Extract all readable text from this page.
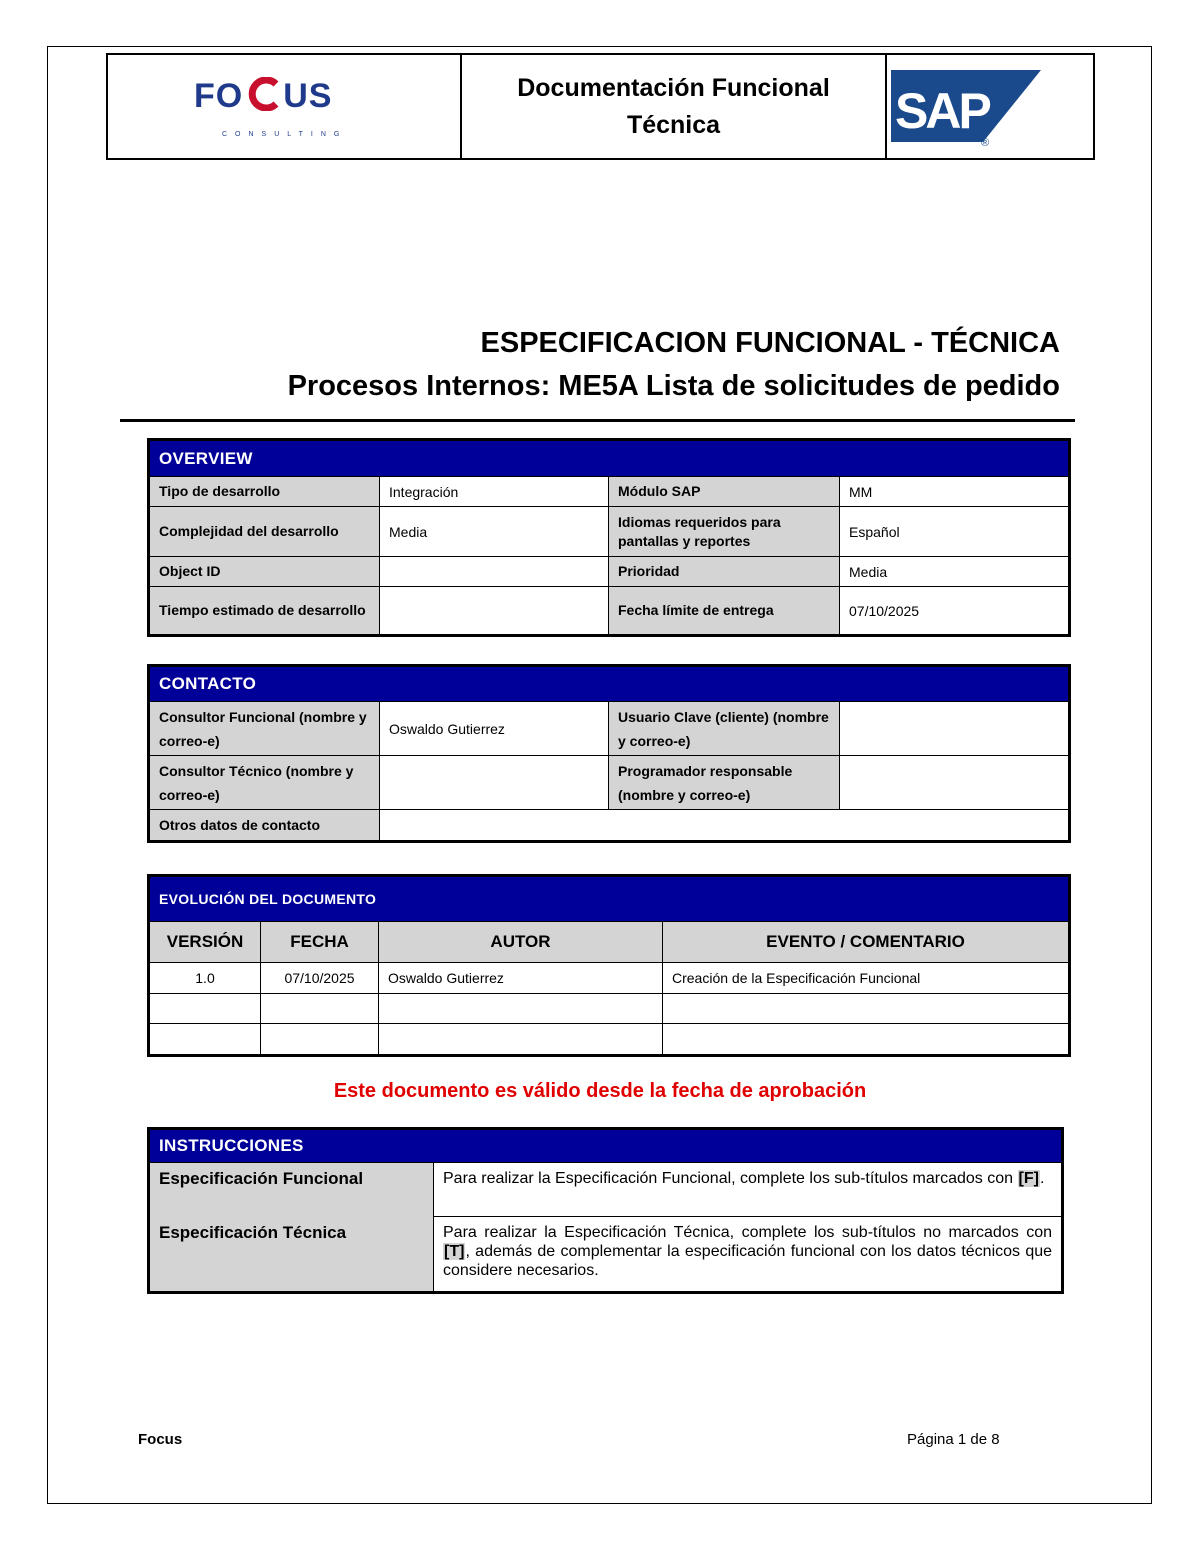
FO US
CONSULTING
Documentación Funcional
Técnica	SAP
®
ESPECIFICACION FUNCIONAL - TÉCNICA
Procesos Internos: ME5A Lista de solicitudes de pedido
OVERVIEW			
Tipo de desarrollo	Integración	Módulo SAP	MM
Complejidad del desarrollo	Media	Idiomas requeridos para pantallas y reportes	Español
Object ID		Prioridad	Media
Tiempo estimado de desarrollo		Fecha límite de entrega	07/10/2025
CONTACTO			
Consultor Funcional (nombre y correo-e)	Oswaldo Gutierrez	Usuario Clave (cliente) (nombre y correo-e)	
Consultor Técnico (nombre y correo-e)		Programador responsable (nombre y correo-e)	
Otros datos de contacto			
EVOLUCIÓN DEL DOCUMENTO			
VERSIÓN	FECHA	AUTOR	EVENTO / COMENTARIO
1.0	07/10/2025	Oswaldo Gutierrez	Creación de la Especificación Funcional

Este documento es válido desde la fecha de aprobación
INSTRUCCIONES	
Especificación Funcional	Para realizar la Especificación Funcional, complete los sub-títulos marcados con [F].
Especificación Técnica	Para realizar la Especificación Técnica, complete los sub-títulos no marcados con [T], además de complementar la especificación funcional con los datos técnicos que considere necesarios.
Focus	Página 1 de 8
